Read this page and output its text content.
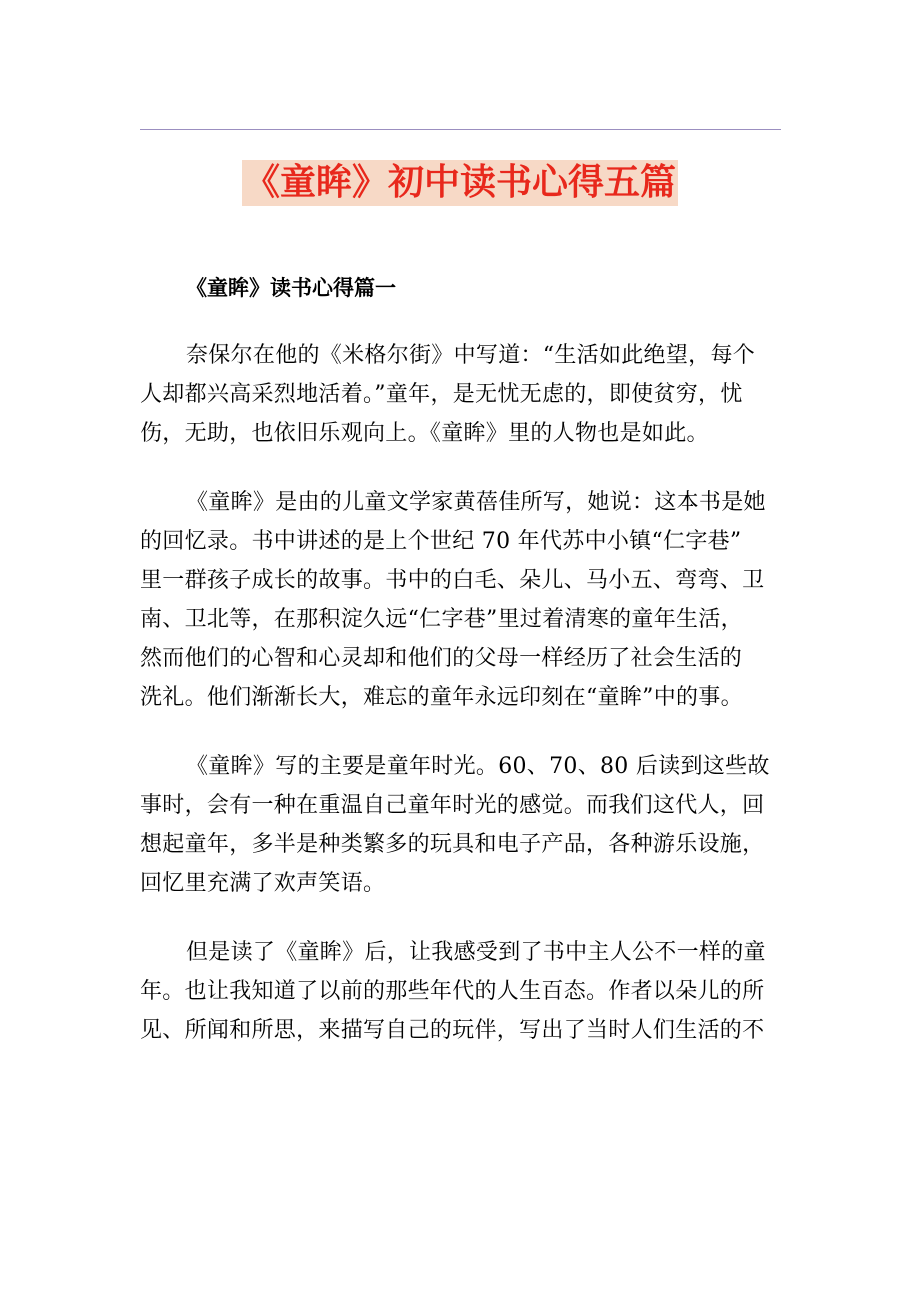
《童眸》初中读书心得五篇
《童眸》读书心得篇一
奈保尔在他的《米格尔街》中写道：“生活如此绝望，每个
人却都兴高采烈地活着。”童年，是无忧无虑的，即使贫穷，忧
伤，无助，也依旧乐观向上。《童眸》里的人物也是如此。
《童眸》是由的儿童文学家黄蓓佳所写，她说：这本书是她
的回忆录。书中讲述的是上个世纪 70 年代苏中小镇“仁字巷”
里一群孩子成长的故事。书中的白毛、朵儿、马小五、弯弯、卫
南、卫北等，在那积淀久远“仁字巷”里过着清寒的童年生活，
然而他们的心智和心灵却和他们的父母一样经历了社会生活的
洗礼。他们渐渐长大，难忘的童年永远印刻在“童眸”中的事。
《童眸》写的主要是童年时光。60、70、80 后读到这些故
事时，会有一种在重温自己童年时光的感觉。而我们这代人，回
想起童年，多半是种类繁多的玩具和电子产品，各种游乐设施，
回忆里充满了欢声笑语。
但是读了《童眸》后，让我感受到了书中主人公不一样的童
年。也让我知道了以前的那些年代的人生百态。作者以朵儿的所
见、所闻和所思，来描写自己的玩伴，写出了当时人们生活的不
